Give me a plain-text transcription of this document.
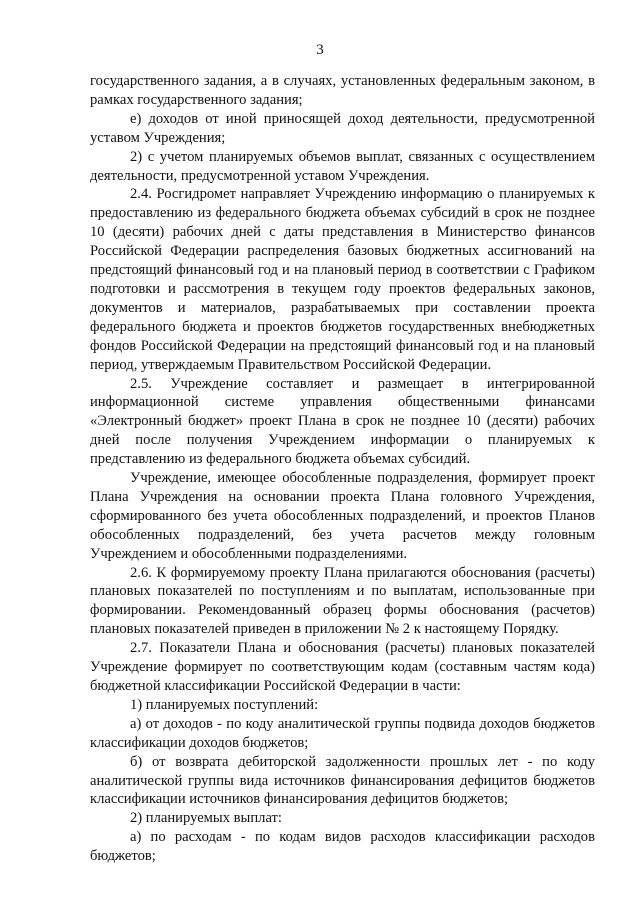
3

государственного задания, а в случаях, установленных федеральным законом, в рамках государственного задания;

е) доходов от иной приносящей доход деятельности, предусмотренной уставом Учреждения;

2) с учетом планируемых объемов выплат, связанных с осуществлением деятельности, предусмотренной уставом Учреждения.

2.4. Росгидромет направляет Учреждению информацию о планируемых к предоставлению из федерального бюджета объемах субсидий в срок не позднее 10 (десяти) рабочих дней с даты представления в Министерство финансов Российской Федерации распределения базовых бюджетных ассигнований на предстоящий финансовый год и на плановый период в соответствии с Графиком подготовки и рассмотрения в текущем году проектов федеральных законов, документов и материалов, разрабатываемых при составлении проекта федерального бюджета и проектов бюджетов государственных внебюджетных фондов Российской Федерации на предстоящий финансовый год и на плановый период, утверждаемым Правительством Российской Федерации.

2.5. Учреждение составляет и размещает в интегрированной информационной системе управления общественными финансами «Электронный бюджет» проект Плана в срок не позднее 10 (десяти) рабочих дней после получения Учреждением информации о планируемых к представлению из федерального бюджета объемах субсидий.

Учреждение, имеющее обособленные подразделения, формирует проект Плана Учреждения на основании проекта Плана головного Учреждения, сформированного без учета обособленных подразделений, и проектов Планов обособленных подразделений, без учета расчетов между головным Учреждением и обособленными подразделениями.

2.6. К формируемому проекту Плана прилагаются обоснования (расчеты) плановых показателей по поступлениям и по выплатам, использованные при формировании. Рекомендованный образец формы обоснования (расчетов) плановых показателей приведен в приложении № 2 к настоящему Порядку.

2.7. Показатели Плана и обоснования (расчеты) плановых показателей Учреждение формирует по соответствующим кодам (составным частям кода) бюджетной классификации Российской Федерации в части:

1) планируемых поступлений:

а) от доходов - по коду аналитической группы подвида доходов бюджетов классификации доходов бюджетов;

б) от возврата дебиторской задолженности прошлых лет - по коду аналитической группы вида источников финансирования дефицитов бюджетов классификации источников финансирования дефицитов бюджетов;

2) планируемых выплат:

а) по расходам - по кодам видов расходов классификации расходов бюджетов;
